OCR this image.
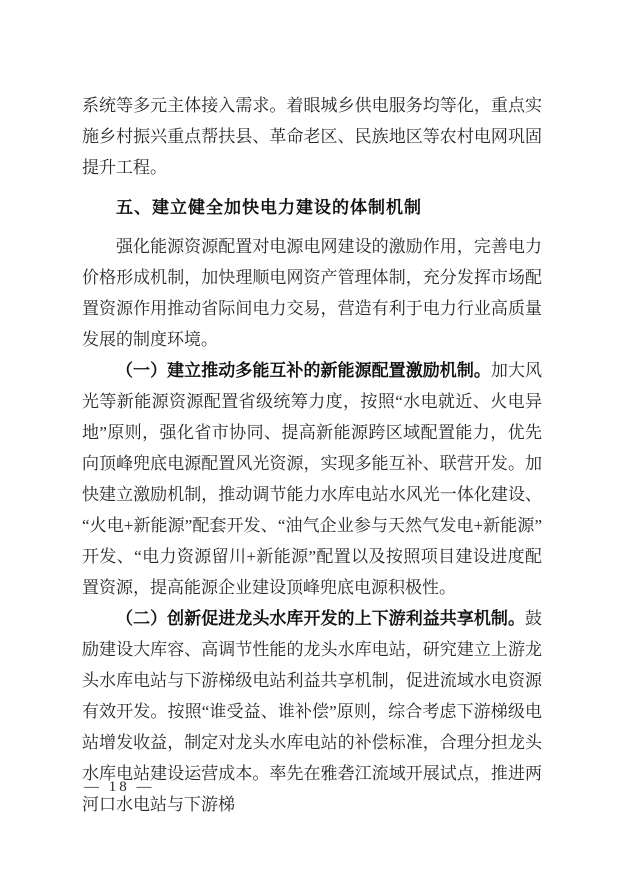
系统等多元主体接入需求。着眼城乡供电服务均等化，重点实施乡村振兴重点帮扶县、革命老区、民族地区等农村电网巩固提升工程。

五、建立健全加快电力建设的体制机制

强化能源资源配置对电源电网建设的激励作用，完善电力价格形成机制，加快理顺电网资产管理体制，充分发挥市场配置资源作用推动省际间电力交易，营造有利于电力行业高质量发展的制度环境。

（一）建立推动多能互补的新能源配置激励机制。加大风光等新能源资源配置省级统筹力度，按照“水电就近、火电异地”原则，强化省市协同、提高新能源跨区域配置能力，优先向顶峰兜底电源配置风光资源，实现多能互补、联营开发。加快建立激励机制，推动调节能力水库电站水风光一体化建设、“火电+新能源”配套开发、“油气企业参与天然气发电+新能源”开发、“电力资源留川+新能源”配置以及按照项目建设进度配置资源，提高能源企业建设顶峰兜底电源积极性。

（二）创新促进龙头水库开发的上下游利益共享机制。鼓励建设大库容、高调节性能的龙头水库电站，研究建立上游龙头水库电站与下游梯级电站利益共享机制，促进流域水电资源有效开发。按照“谁受益、谁补偿”原则，综合考虑下游梯级电站增发收益，制定对龙头水库电站的补偿标准，合理分担龙头水库电站建设运营成本。率先在雅砻江流域开展试点，推进两河口水电站与下游梯

— 18 —
